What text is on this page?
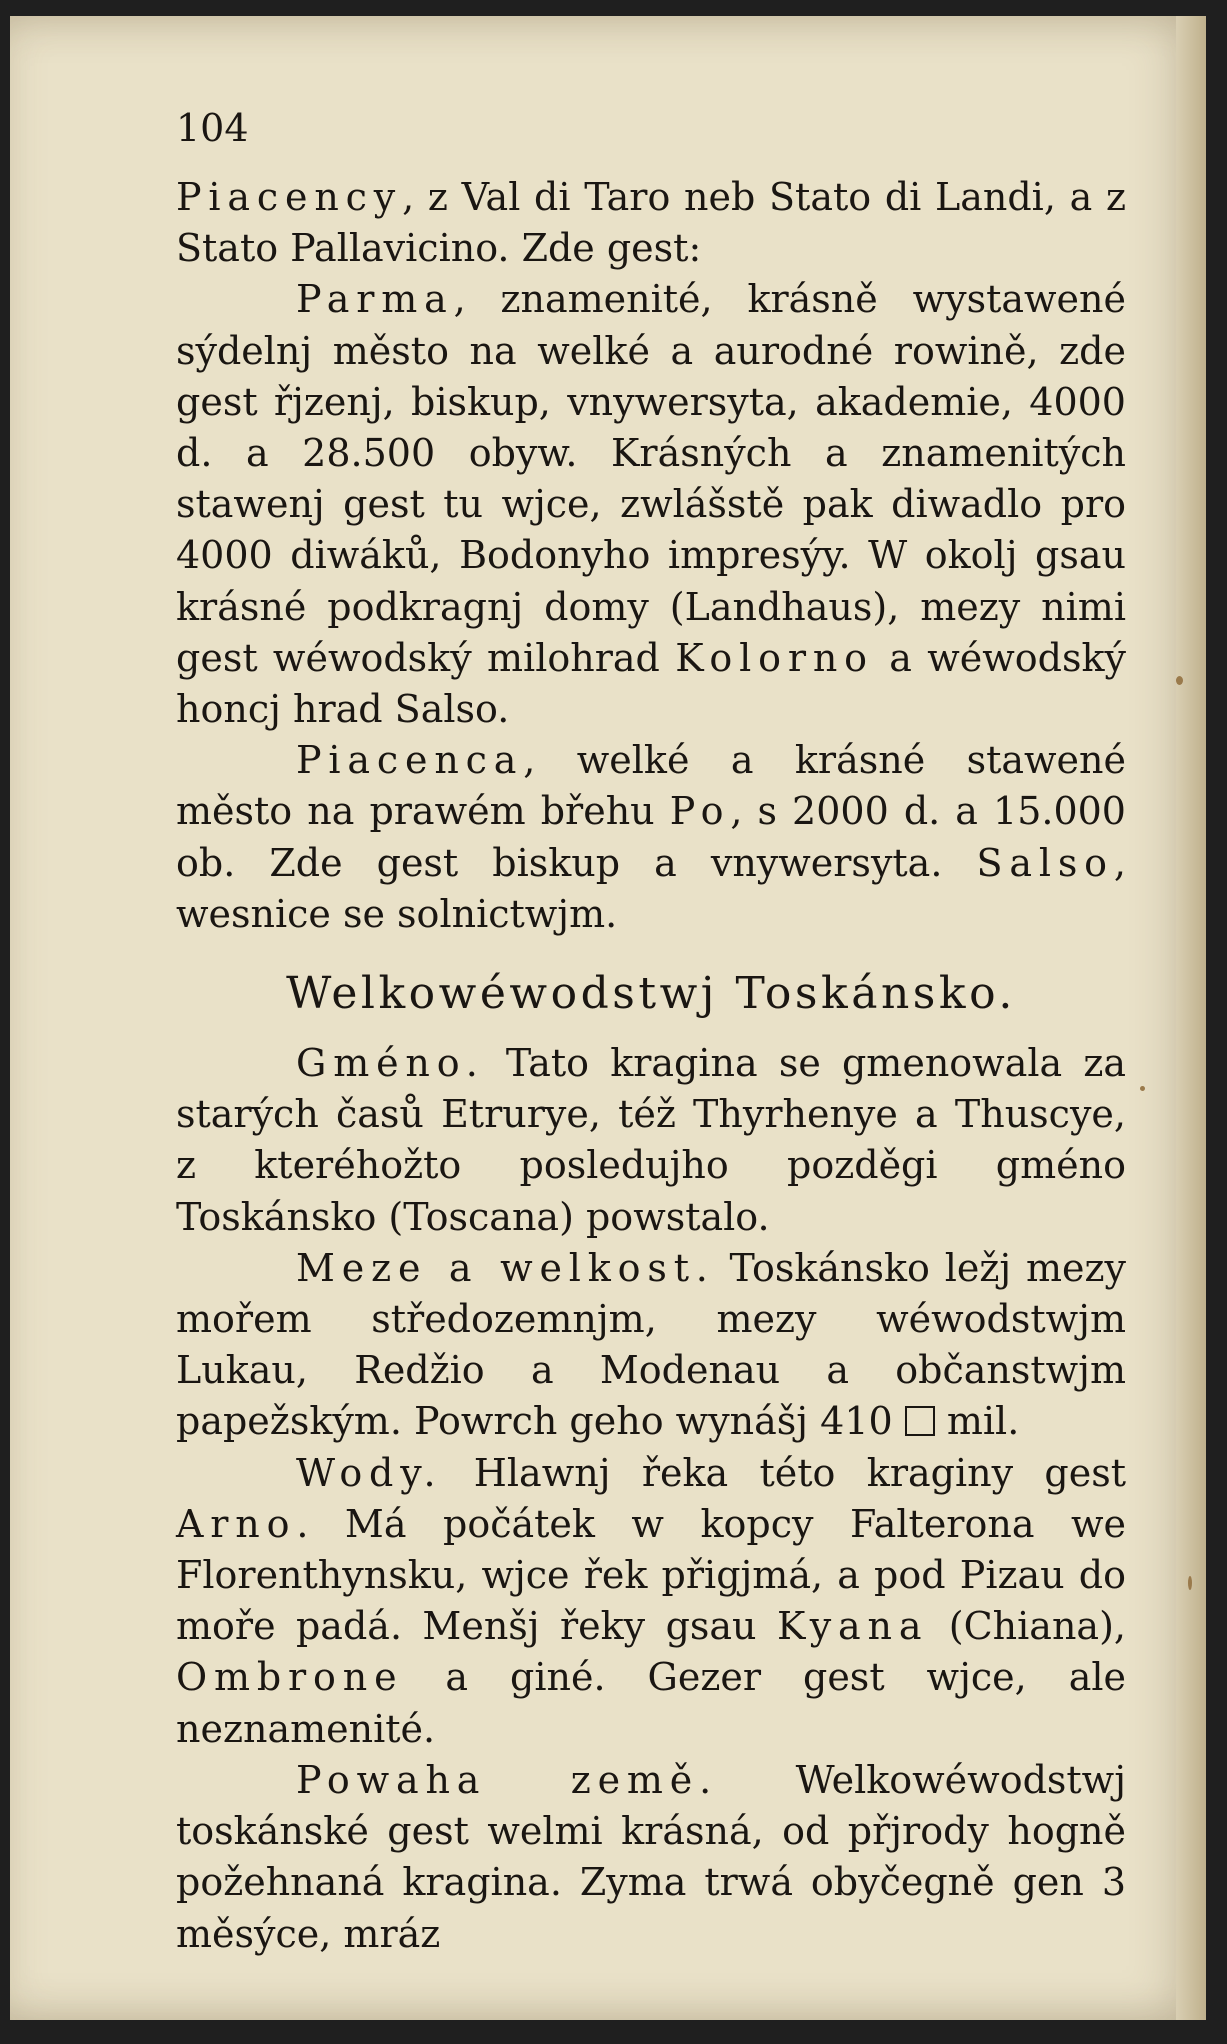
104

Piacency, z Val di Taro neb Stato di Landi, a z Stato Pallavicino. Zde gest:

Parma, znamenité, krásně wystawené sýdelnj město na welké a aurodné rowině, zde gest řjzenj, biskup, vnywersyta, akademie, 4000 d. a 28.500 obyw. Krásných a znamenitých stawenj gest tu wjce, zwlášstě pak diwadlo pro 4000 diwáků, Bodonyho impresýy. W okolj gsau krásné podkragnj domy (Landhaus), mezy nimi gest wéwodský milohrad Kolorno a wéwodský honcj hrad Salso.

Piacenca, welké a krásné stawené město na prawém břehu Po, s 2000 d. a 15.000 ob. Zde gest biskup a vnywersyta. Salso, wesnice se solnictwjm.

Welkowéwodstwj Toskánsko.

Gméno. Tato kragina se gmenowala za starých časů Etrurye, též Thyrhenye a Thuscye, z kteréhožto posledujho pozděgi gméno Toskánsko (Toscana) powstalo.

Meze a welkost. Toskánsko ležj mezy mořem středozemnjm, mezy wéwodstwjm Lukau, Redžio a Modenau a občanstwjm papežským. Powrch geho wynášj 410  mil.

Wody. Hlawnj řeka této kraginy gest Arno. Má počátek w kopcy Falterona we Florenthynsku, wjce řek přigjmá, a pod Pizau do moře padá. Menšj řeky gsau Kyana (Chiana), Ombrone a giné. Gezer gest wjce, ale neznamenité.

Powaha země. Welkowéwodstwj toskánské gest welmi krásná, od přjrody hogně požehnaná kragina. Zyma trwá obyčegně gen 3 měsýce, mráz
